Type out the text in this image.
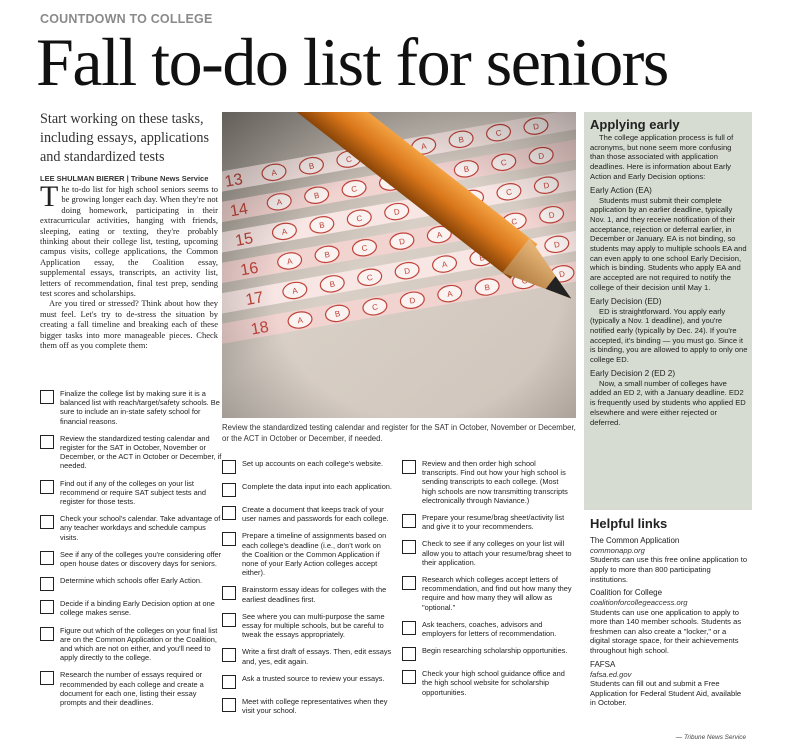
COUNTDOWN TO COLLEGE
Fall to-do list for seniors
Start working on these tasks, including essays, applications and standardized tests
LEE SHULMAN BIERER | Tribune News Service

The to-do list for high school seniors seems to be growing longer each day. When they're not doing homework, participating in their extracurricular activities, hanging with friends, sleeping, eating or texting, they're probably thinking about their college list, testing, upcoming campus visits, college applications, the Common Application essay, the Coalition essay, supplemental essays, transcripts, an activity list, letters of recommendation, final test prep, sending test scores and scholarships.

Are you tired or stressed? Think about how they must feel. Let's try to de-stress the situation by creating a fall timeline and breaking each of these bigger tasks into more manageable pieces. Check them off as you complete them:

Finalize the college list by making sure it is a balanced list with reach/target/safety schools. Be sure to include an in-state safety school for financial reasons.
Review the standardized testing calendar and register for the SAT in October, November or December, or the ACT in October or December, if needed.
Find out if any of the colleges on your list recommend or require SAT subject tests and register for those tests.
Check your school's calendar. Take advantage of any teacher workdays and schedule campus visits.
See if any of the colleges you're considering offer open house dates or discovery days for seniors.
Determine which schools offer Early Action.
Decide if a binding Early Decision option at one college makes sense.
Figure out which of the colleges on your final list are on the Common Application or the Coalition, and which are not on either, and you'll need to apply directly to the college.
Research the number of essays required or recommended by each college and create a document for each one, listing their essay prompts and their deadlines.
Review the standardized testing calendar and register for the SAT in October, November or December, or the ACT in October or December, if needed.
Set up accounts on each college's website.
Complete the data input into each application.
Create a document that keeps track of your user names and passwords for each college.
Prepare a timeline of assignments based on each college's deadline (i.e., don't work on the Coalition or the Common Application if none of your Early Action colleges accept either).
Brainstorm essay ideas for colleges with the earliest deadlines first.
See where you can multi-purpose the same essay for multiple schools, but be careful to tweak the essays appropriately.
Write a first draft of essays. Then, edit essays and, yes, edit again.
Ask a trusted source to review your essays.
Meet with college representatives when they visit your school.
Review and then order high school transcripts. Find out how your high school is sending transcripts to each college. (Most high schools are now transmitting transcripts electronically through Naviance.)
Prepare your resume/brag sheet/activity list and give it to your recommenders.
Check to see if any colleges on your list will allow you to attach your resume/brag sheet to their application.
Research which colleges accept letters of recommendation, and find out how many they require and how many they will allow as "optional."
Ask teachers, coaches, advisors and employers for letters of recommendation.
Begin researching scholarship opportunities.
Check your high school guidance office and the high school website for scholarship opportunities.
Applying early

The college application process is full of acronyms, but none seem more confusing than those associated with application deadlines. Here is information about Early Action and Early Decision options:

Early Action (EA)

Students must submit their complete application by an earlier deadline, typically Nov. 1, and they receive notification of their acceptance, rejection or deferral earlier, in December or January. EA is not binding, so students may apply to multiple schools EA and can even apply to one school Early Decision, which is binding. Students who apply EA and are accepted are not required to notify the college of their decision until May 1.

Early Decision (ED)

ED is straightforward. You apply early (typically a Nov. 1 deadline), and you're notified early (typically by Dec. 24). If you're accepted, it's binding — you must go. Since it is binding, you are allowed to apply to only one college ED.

Early Decision 2 (ED 2)

Now, a small number of colleges have added an ED 2, with a January deadline. ED2 is frequently used by students who applied ED elsewhere and were either rejected or deferred.

Helpful links
The Common Application
commonapp.org
Students can use this free online application to apply to more than 800 participating institutions.
Coalition for College
coalitionforcollegeaccess.org
Students can use one application to apply to more than 140 member schools. Students as freshmen can also create a "locker," or a digital storage space, for their achievements throughout high school.
FAFSA
fafsa.ed.gov
Students can fill out and submit a Free Application for Federal Student Aid, available in October.
— Tribune News Service
